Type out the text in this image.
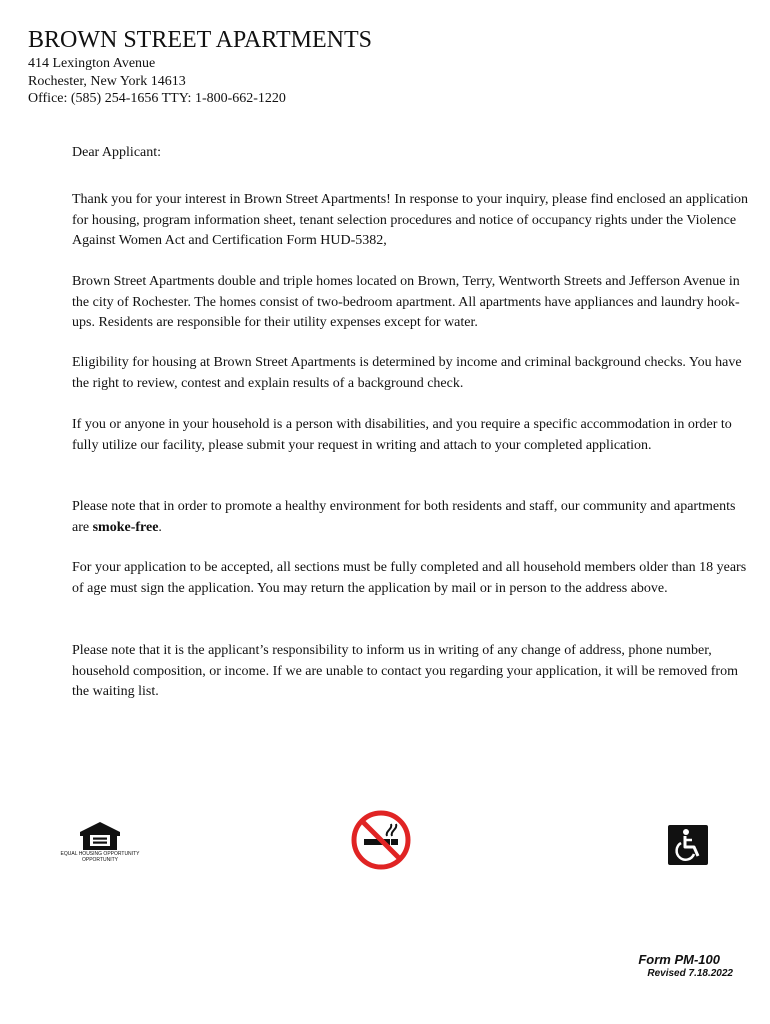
BROWN STREET APARTMENTS
414 Lexington Avenue
Rochester, New York 14613
Office: (585) 254-1656 TTY: 1-800-662-1220
Dear Applicant:

Thank you for your interest in Brown Street Apartments! In response to your inquiry, please find enclosed an application for housing, program information sheet, tenant selection procedures and notice of occupancy rights under the Violence Against Women Act and Certification Form HUD-5382,

Brown Street Apartments double and triple homes located on Brown, Terry, Wentworth Streets and Jefferson Avenue in the city of Rochester. The homes consist of two-bedroom apartment. All apartments have appliances and laundry hook-ups. Residents are responsible for their utility expenses except for water.

Eligibility for housing at Brown Street Apartments is determined by income and criminal background checks. You have the right to review, contest and explain results of a background check.

If you or anyone in your household is a person with disabilities, and you require a specific accommodation in order to fully utilize our facility, please submit your request in writing and attach to your completed application.

Please note that in order to promote a healthy environment for both residents and staff, our community and apartments are smoke-free.

For your application to be accepted, all sections must be fully completed and all household members older than 18 years of age must sign the application. You may return the application by mail or in person to the address above.

Please note that it is the applicant’s responsibility to inform us in writing of any change of address, phone number, household composition, or income. If we are unable to contact you regarding your application, it will be removed from the waiting list.

EQUAL HOUSING OPPORTUNITY
OPPORTUNITY
Form PM-100
Revised 7.18.2022
